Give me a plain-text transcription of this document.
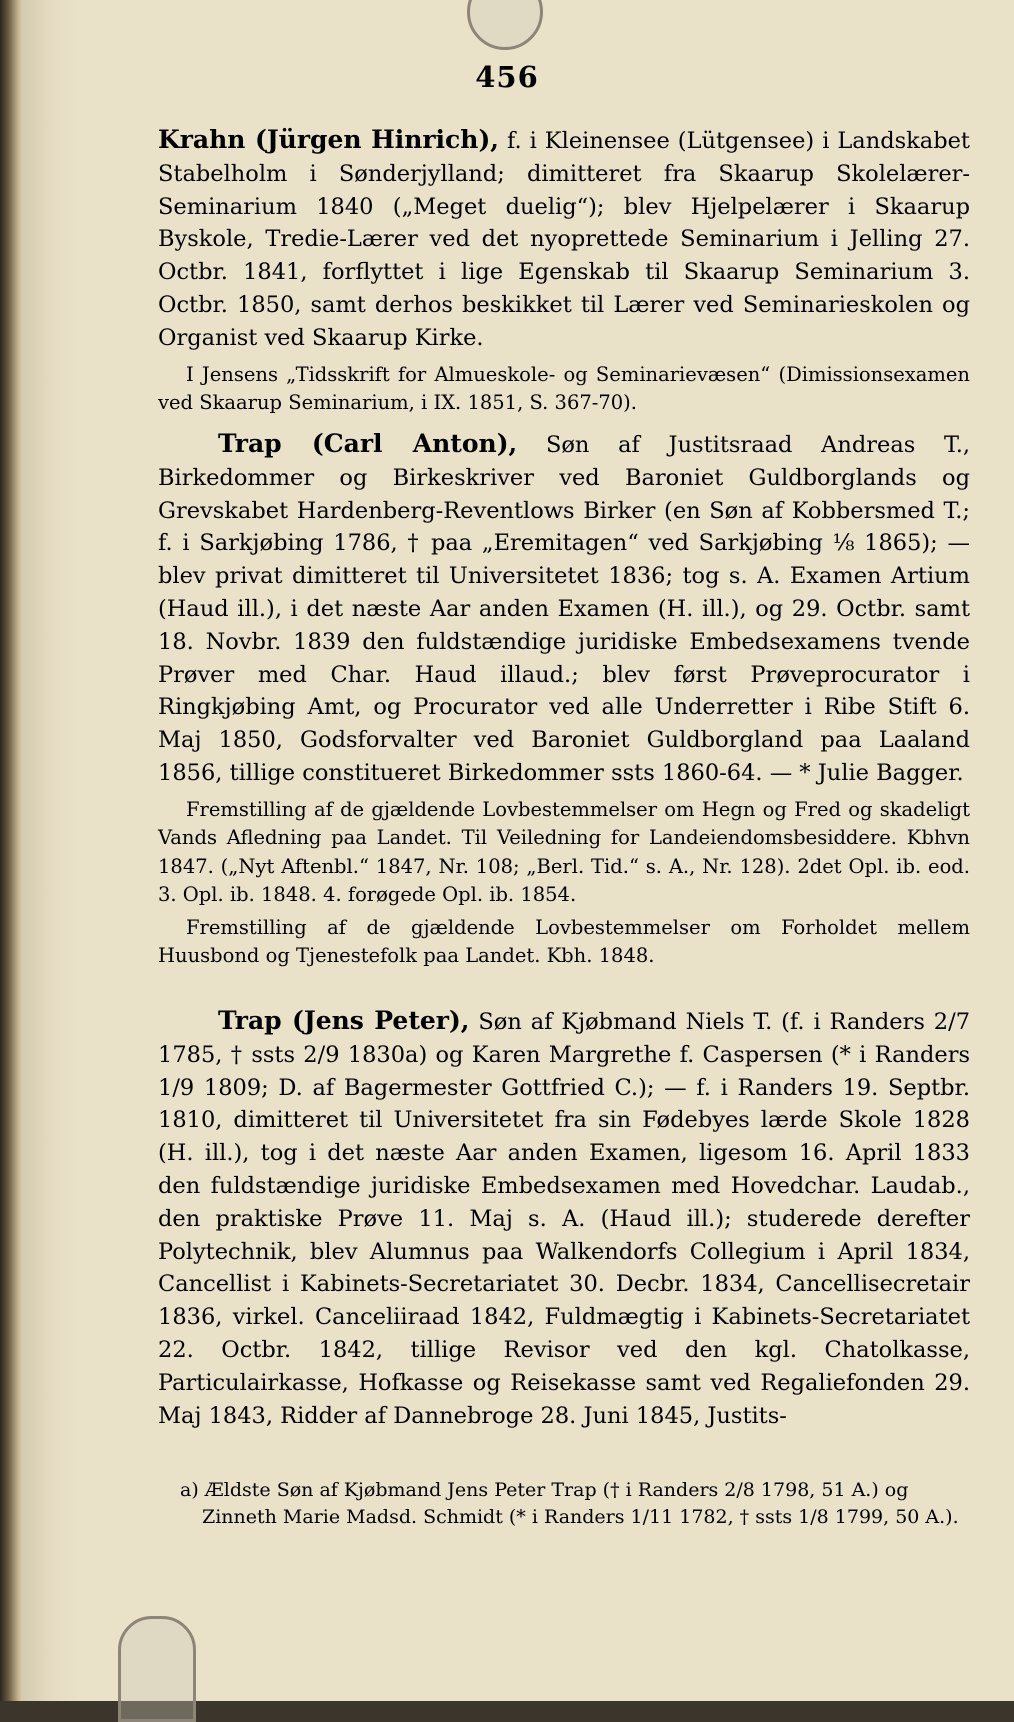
456

Krahn (Jürgen Hinrich), f. i Kleinensee (Lütgensee) i Landskabet Stabelholm i Sønderjylland; dimitteret fra Skaarup Skolelærer-Seminarium 1840 („Meget duelig“); blev Hjelpelærer i Skaarup Byskole, Tredie-Lærer ved det nyoprettede Seminarium i Jelling 27. Octbr. 1841, forflyttet i lige Egenskab til Skaarup Seminarium 3. Octbr. 1850, samt derhos beskikket til Lærer ved Seminarieskolen og Organist ved Skaarup Kirke.

I Jensens „Tidsskrift for Almueskole- og Seminarievæsen“ (Dimissionsexamen ved Skaarup Seminarium, i IX. 1851, S. 367-70).

Trap (Carl Anton), Søn af Justitsraad Andreas T., Birkedommer og Birkeskriver ved Baroniet Guldborglands og Grevskabet Hardenberg-Reventlows Birker (en Søn af Kobbersmed T.; f. i Sarkjøbing 1786, † paa „Eremitagen“ ved Sarkjøbing ⅛ 1865); — blev privat dimitteret til Universitetet 1836; tog s. A. Examen Artium (Haud ill.), i det næste Aar anden Examen (H. ill.), og 29. Octbr. samt 18. Novbr. 1839 den fuldstændige juridiske Embedsexamens tvende Prøver med Char. Haud illaud.; blev først Prøveprocurator i Ringkjøbing Amt, og Procurator ved alle Underretter i Ribe Stift 6. Maj 1850, Godsforvalter ved Baroniet Guldborgland paa Laaland 1856, tillige constitueret Birkedommer ssts 1860-64. — * Julie Bagger.

Fremstilling af de gjældende Lovbestemmelser om Hegn og Fred og skadeligt Vands Afledning paa Landet. Til Veiledning for Landeiendomsbesiddere. Kbhvn 1847. („Nyt Aftenbl.“ 1847, Nr. 108; „Berl. Tid.“ s. A., Nr. 128). 2det Opl. ib. eod. 3. Opl. ib. 1848. 4. forøgede Opl. ib. 1854.

Fremstilling af de gjældende Lovbestemmelser om Forholdet mellem Huusbond og Tjenestefolk paa Landet. Kbh. 1848.

Trap (Jens Peter), Søn af Kjøbmand Niels T. (f. i Randers 2/7 1785, † ssts 2/9 1830a) og Karen Margrethe f. Caspersen (* i Randers 1/9 1809; D. af Bagermester Gottfried C.); — f. i Randers 19. Septbr. 1810, dimitteret til Universitetet fra sin Fødebyes lærde Skole 1828 (H. ill.), tog i det næste Aar anden Examen, ligesom 16. April 1833 den fuldstændige juridiske Embedsexamen med Hovedchar. Laudab., den praktiske Prøve 11. Maj s. A. (Haud ill.); studerede derefter Polytechnik, blev Alumnus paa Walkendorfs Collegium i April 1834, Cancellist i Kabinets-Secretariatet 30. Decbr. 1834, Cancellisecretair 1836, virkel. Canceliiraad 1842, Fuldmægtig i Kabinets-Secretariatet 22. Octbr. 1842, tillige Revisor ved den kgl. Chatolkasse, Particulairkasse, Hofkasse og Reisekasse samt ved Regaliefonden 29. Maj 1843, Ridder af Dannebroge 28. Juni 1845, Justits-

a) Ældste Søn af Kjøbmand Jens Peter Trap († i Randers 2/8 1798, 51 A.) og Zinneth Marie Madsd. Schmidt (* i Randers 1/11 1782, † ssts 1/8 1799, 50 A.).
